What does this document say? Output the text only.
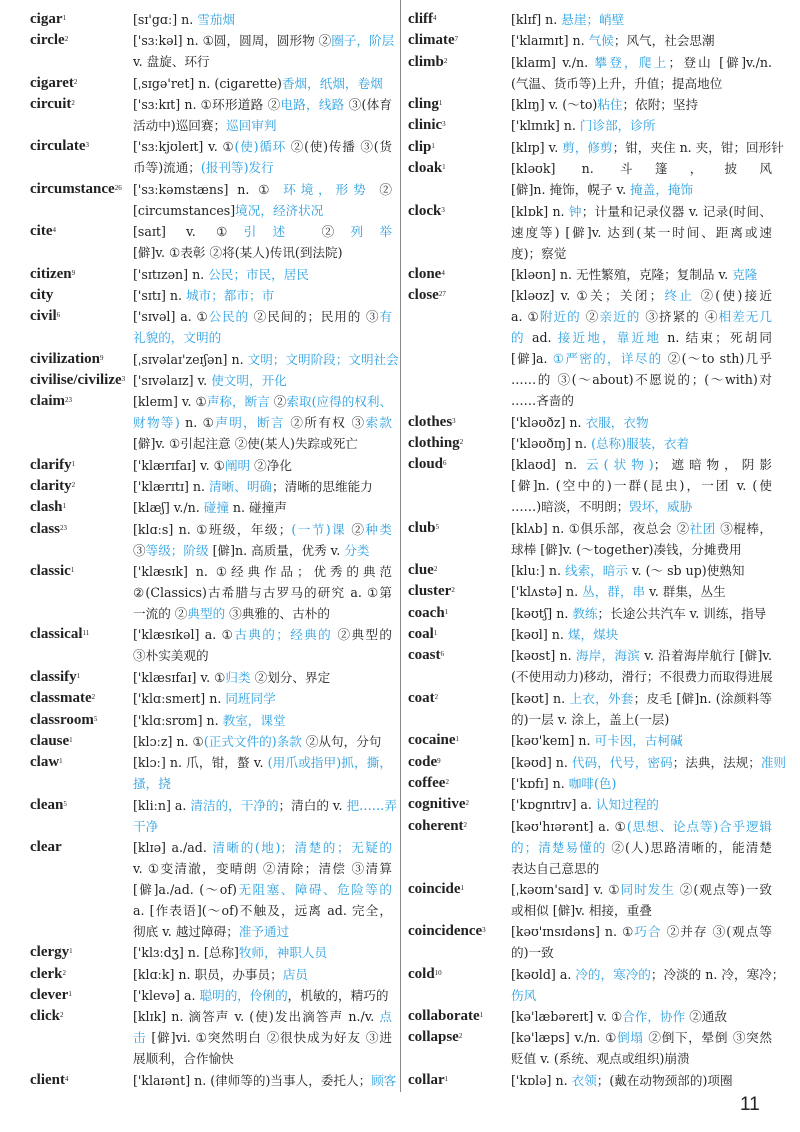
cigar$^1$	[sɪ'gɑː] n. 雪茄烟
circle$^2$	['sɜːkəl] n. ①圆，圆周，圆形物 ②圈子，阶层
v. 盘旋、环行
cigaret$^2$	[ˌsɪgə'ret] n. (cigarette)香烟，纸烟，卷烟
circuit$^2$	['sɜːkɪt] n. ①环形道路 ②电路，线路 ③(体育
活动中)巡回赛；巡回审判
circulate$^3$	['sɜːkjʊleɪt] v. ①(使)循环 ②(使)传播 ③(货
币等)流通；(报刊等)发行
circumstance$^{26}$ ['sɜːkəmstæns] n. ① 环境，形势 ②
[circumstances]境况，经济状况
cite$^4$	[saɪt] v. ①引述 ②列举
[僻]v. ①表彰 ②将(某人)传讯(到法院)
citizen$^9$	['sɪtɪzən] n. 公民；市民，居民
city	['sɪtɪ] n. 城市；都市；市
civil$^6$	['sɪvəl] a. ①公民的 ②民间的；民用的 ③有
礼貌的，文明的
civilization$^9$	[ˌsɪvəlaɪ'zeɪʃən] n. 文明；文明阶段；文明社会
civilise/civilize$^3$ ['sɪvəlaɪz] v. 使文明，开化
claim$^{23}$	[kleɪm] v. ①声称，断言 ②索取(应得的权利、
财物等) n. ①声明，断言 ②所有权 ③索款
[僻]v. ①引起注意 ②使(某人)失踪或死亡
clarify$^1$	['klærɪfaɪ] v. ①阐明 ②净化
clarity$^2$	['klærɪtɪ] n. 清晰、明确；清晰的思维能力
clash$^1$	[klæʃ] v./n. 碰撞 n. 碰撞声
class$^{23}$	[klɑːs] n. ①班级，年级；(一节)课 ②种类
③等级；阶级 [僻]n. 高质量，优秀 v. 分类
classic$^1$	['klæsɪk] n. ①经典作品；优秀的典范
②(Classics)古希腊与古罗马的研究 a. ①第
一流的 ②典型的 ③典雅的、古朴的
classical$^{11}$	['klæsɪkəl] a. ①古典的；经典的 ②典型的
③朴实美观的
classify$^1$	['klæsɪfaɪ] v. ①归类 ②划分、界定
classmate$^2$	['klɑːsmeɪt] n. 同班同学
classroom$^5$	['klɑːsrʊm] n. 教室，课堂
clause$^1$	[klɔːz] n. ①(正式文件的)条款 ②从句，分句
claw$^1$	[klɔː] n. 爪，钳，螯 v. (用爪或指甲)抓，撕，
搔，挠
clean$^5$	[kliːn] a. 清洁的，干净的；清白的 v. 把……弄
干净
clear	[klɪə] a./ad. 清晰的(地)；清楚的；无疑的
v. ①变清澈，变晴朗 ②清除；清偿 ③清算
[僻]a./ad. (～of)无阻塞、障碍、危险等的
a. [作表语](～of)不触及，远离 ad. 完全，
彻底 v. 越过障碍；准予通过
clergy$^1$	['klɜːdʒ] n. [总称]牧师，神职人员
clerk$^2$	[klɑːk] n. 职员，办事员；店员
clever$^1$	['klevə] a. 聪明的，伶俐的，机敏的，精巧的
click$^2$	[klɪk] n. 滴答声 v. (使)发出滴答声 n./v. 点
击 [僻]vi. ①突然明白 ②很快成为好友 ③进
展顺利，合作愉快
client$^4$	['klaɪənt] n. (律师等的)当事人，委托人；顾客
cliff$^4$	[klɪf] n. 悬崖；峭壁
climate$^7$	['klaɪmɪt] n. 气候；风气，社会思潮
climb$^2$	[klaɪm] v./n. 攀登，爬上；登山 [僻]v./n.
(气温、货币等)上升，升值；提高地位
cling$^1$	[klɪŋ] v. (～to)粘住；依附；坚持
clinic$^3$	['klɪnɪk] n. 门诊部，诊所
clip$^1$	[klɪp] v. 剪，修剪；钳，夹住 n. 夹，钳；回形针
cloak$^1$	[kləʊk] n. 斗篷，披风
[僻]n. 掩饰，幌子 v. 掩盖，掩饰
clock$^3$	[klɒk] n. 钟；计量和记录仪器 v. 记录(时间、
速度等) [僻]v. 达到(某一时间、距离或速
度)；察觉
clone$^4$	[kləʊn] n. 无性繁殖，克隆；复制品 v. 克隆
close$^{27}$	[kləʊz] v. ①关；关闭；终止 ②(使)接近
a. ①附近的 ②亲近的 ③挤紧的 ④相差无几
的 ad. 接近地，靠近地 n. 结束；死胡同
[僻]a. ①严密的，详尽的 ②(～to sth)几乎
……的 ③(～about)不愿说的；(～with)对
……吝啬的
clothes$^3$	['kləʊðz] n. 衣服，衣物
clothing$^2$	['kləʊðɪŋ] n. (总称)服装，衣着
cloud$^6$	[klaʊd] n. 云(状物)；遮暗物，阴影
[僻]n. (空中的)一群(昆虫)，一团 v. (使
……)暗淡，不明朗；毁坏，威胁
club$^5$	[klʌb] n. ①俱乐部，夜总会 ②社团 ③棍棒，
球棒 [僻]v. (～together)凑钱，分摊费用
clue$^2$	[kluː] n. 线索，暗示 v. (～ sb up)使熟知
cluster$^2$	['klʌstə] n. 丛，群，串 v. 群集，丛生
coach$^1$	[kəʊtʃ] n. 教练；长途公共汽车 v. 训练，指导
coal$^1$	[kəʊl] n. 煤，煤块
coast$^6$	[kəʊst] n. 海岸，海滨 v. 沿着海岸航行 [僻]v.
(不使用动力)移动，滑行；不很费力而取得进展
coat$^2$	[kəʊt] n. 上衣，外套；皮毛 [僻]n. (涂颜料等
的)一层 v. 涂上，盖上(一层)
cocaine$^1$	[kəʊ'keɪn] n. 可卡因，古柯碱
code$^9$	[kəʊd] n. 代码，代号，密码；法典，法规；准则
coffee$^2$	['kɒfɪ] n. 咖啡(色)
cognitive$^2$	['kɒgnɪtɪv] a. 认知过程的
coherent$^2$	[kəʊ'hɪərənt] a. ①(思想、论点等)合乎逻辑
的；清楚易懂的 ②(人)思路清晰的，能清楚
表达自己意思的
coincide$^1$	[ˌkəʊɪn'saɪd] v. ①同时发生 ②(观点等)一致
或相似 [僻]v. 相接，重叠
coincidence$^3$	[kəʊ'ɪnsɪdəns] n. ①巧合 ②并存 ③(观点等
的)一致
cold$^{10}$	[kəʊld] a. 冷的，寒冷的；冷淡的 n. 冷，寒冷；
伤风
collaborate$^1$	[kə'læbəreɪt] v. ①合作，协作 ②通敌
collapse$^2$	[kə'læps] v./n. ①倒塌 ②倒下，晕倒 ③突然
贬值 v. (系统、观点或组织)崩溃
collar$^1$	['kɒlə] n. 衣领；(戴在动物颈部的)项圈
11
